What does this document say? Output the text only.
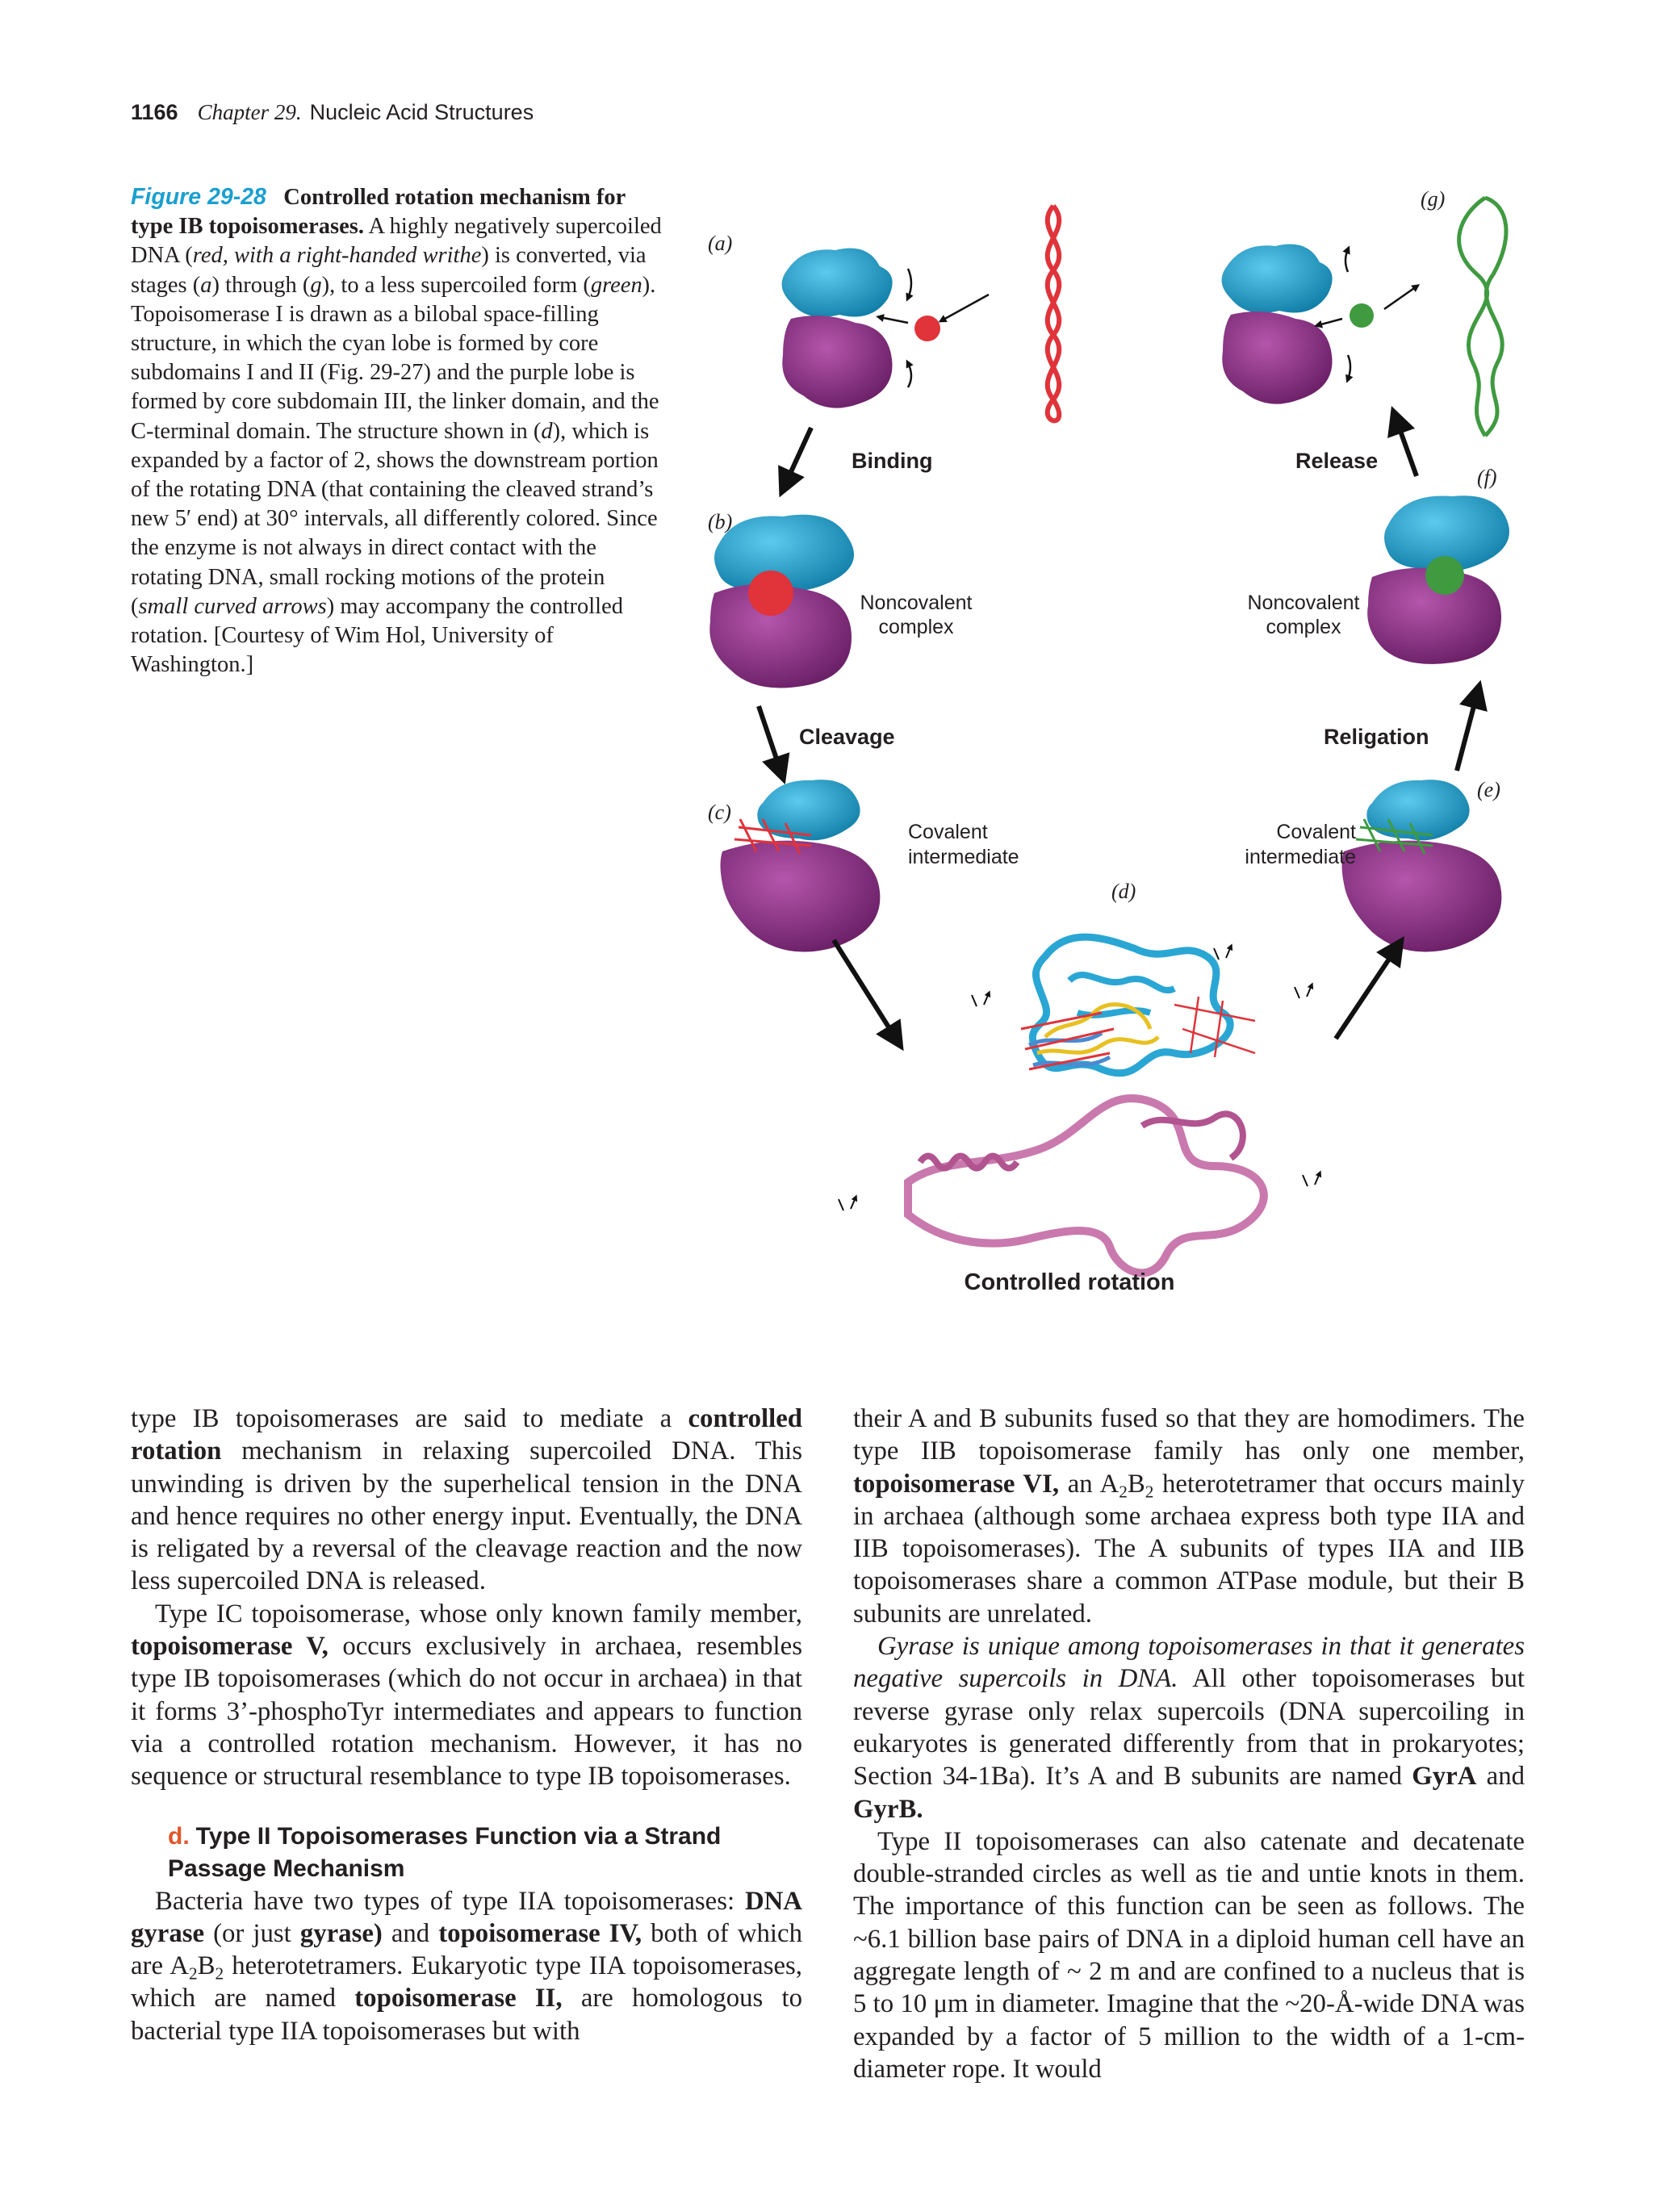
1166 Chapter 29. Nucleic Acid Structures
Figure 29-28 Controlled rotation mechanism for type IB topoisomerases. A highly negatively supercoiled DNA (red, with a right-handed writhe) is converted, via stages (a) through (g), to a less supercoiled form (green). Topoisomerase I is drawn as a bilobal space-filling structure, in which the cyan lobe is formed by core subdomains I and II (Fig. 29-27) and the purple lobe is formed by core subdomain III, the linker domain, and the C-terminal domain. The structure shown in (d), which is expanded by a factor of 2, shows the downstream portion of the rotating DNA (that containing the cleaved strand’s new 5′ end) at 30° intervals, all differently colored. Since the enzyme is not always in direct contact with the rotating DNA, small rocking motions of the protein (small curved arrows) may accompany the controlled rotation. [Courtesy of Wim Hol, University of Washington.]
(a)
(g)
Binding	Release
(f)
(b)
Noncovalent
complex
Noncovalent
complex
Cleavage	Religation
(e)
(c)
Covalent
intermediate
Covalent
intermediate
(d)
Controlled rotation

type IB topoisomerases are said to mediate a controlled rotation mechanism in relaxing supercoiled DNA. This unwinding is driven by the superhelical tension in the DNA and hence requires no other energy input. Eventually, the DNA is religated by a reversal of the cleavage reaction and the now less supercoiled DNA is released.

Type IC topoisomerase, whose only known family member, topoisomerase V, occurs exclusively in archaea, resembles type IB topoisomerases (which do not occur in archaea) in that it forms 3’-phosphoTyr intermediates and appears to function via a controlled rotation mechanism. However, it has no sequence or structural resemblance to type IB topoisomerases.

d. Type II Topoisomerases Function via a Strand Passage Mechanism

Bacteria have two types of type IIA topoisomerases: DNA gyrase (or just gyrase) and topoisomerase IV, both of which are $A_2B_2$ heterotetramers. Eukaryotic type IIA topoisomerases, which are named topoisomerase II, are homologous to bacterial type IIA topoisomerases but with

their A and B subunits fused so that they are homodimers. The type IIB topoisomerase family has only one member, topoisomerase VI, an $A_2B_2$ heterotetramer that occurs mainly in archaea (although some archaea express both type IIA and IIB topoisomerases). The A subunits of types IIA and IIB topoisomerases share a common ATPase module, but their B subunits are unrelated.

Gyrase is unique among topoisomerases in that it generates negative supercoils in DNA. All other topoisomerases but reverse gyrase only relax supercoils (DNA supercoiling in eukaryotes is generated differently from that in prokaryotes; Section 34-1Ba). It’s A and B subunits are named GyrA and GyrB.

Type II topoisomerases can also catenate and decatenate double-stranded circles as well as tie and untie knots in them. The importance of this function can be seen as follows. The ~6.1 billion base pairs of DNA in a diploid human cell have an aggregate length of ~ 2 m and are confined to a nucleus that is 5 to 10 μm in diameter. Imagine that the ~20-Å-wide DNA was expanded by a factor of 5 million to the width of a 1-cm-diameter rope. It would
